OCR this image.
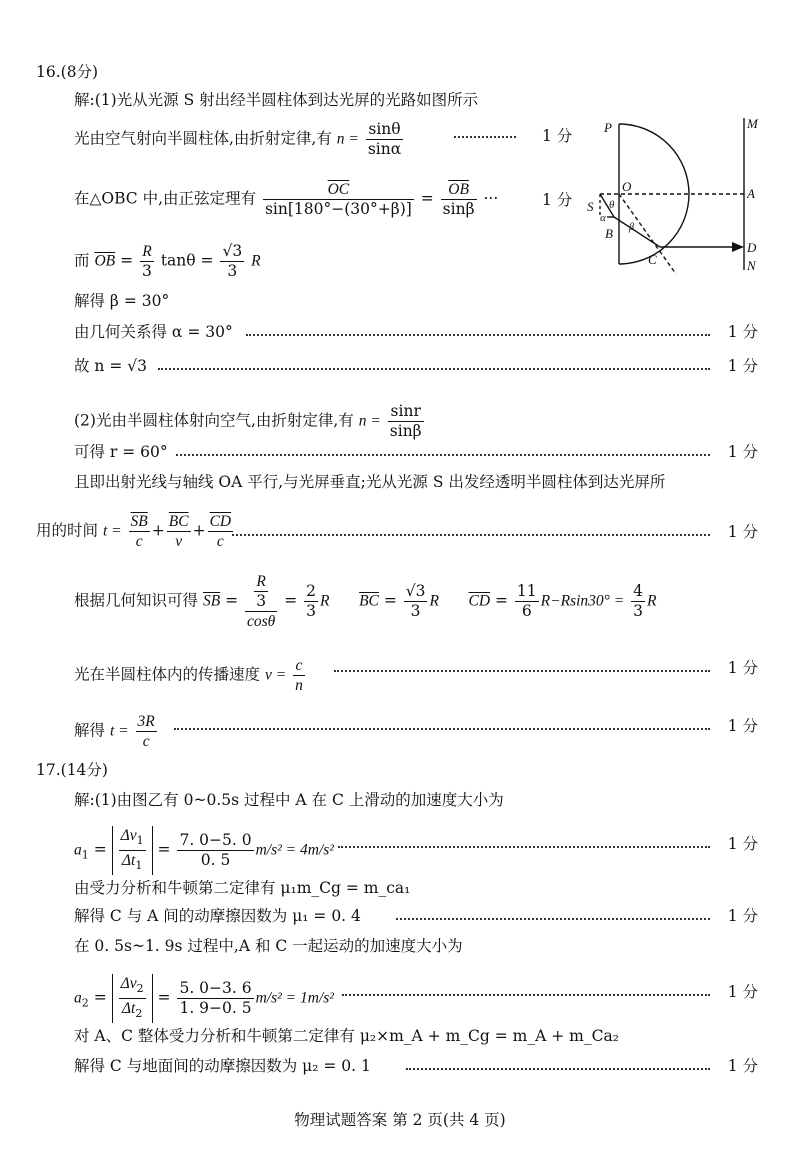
16.(8分)
解:(1)光从光源 S 射出经半圆柱体到达光屏的光路如图所示
光由空气射向半圆柱体,由折射定律,有 $n = \frac{\sin\theta}{\sin\alpha}$	1 分
在△OBC 中,由正弦定理有 $\frac{\overline{OC}}{\sin[180^\circ-(30^\circ+\beta)]} = \frac{\overline{OB}}{\sin\beta}$ ···	1 分
而 $\overline{OB} = \frac{R}{3}$ $\tan\theta = \frac{√3}{3}$ R
解得 β = 30°
由几何关系得 α = 30°	1 分
故 n = √3	1 分
(2)光由半圆柱体射向空气,由折射定律,有 $n = \frac{\sin r}{\sin\beta}$
可得 r = 60°	1 分
且即出射光线与轴线 OA 平行,与光屏垂直;光从光源 S 出发经透明半圆柱体到达光屏所
用的时间 $t = \frac{\overline{SB}}{c} + \frac{\overline{BC}}{v} + \frac{\overline{CD}}{c}$	1 分
根据几何知识可得 $\overline{SB} = \frac{\frac{R}{3}}{\cos\theta} = \frac{2}{3}$ R $\overline{BC} = \frac{√3}{3}$ R $\overline{CD} = \frac{11}{6} R-Rsin30^\circ = \frac{4}{3}$ R
光在半圆柱体内的传播速度 $v = \frac{c}{n}$	1 分
解得 $t = \frac{3R}{c}$	1 分
P	M
O	A
S θ
α
B β
C
D
N
17.(14分)
解:(1)由图乙有 0~0.5s 过程中 A 在 C 上滑动的加速度大小为
$a_1 = \frac{\Delta v_1}{\Delta t_1} = \frac{7. 0-5. 0}{0. 5} m/s^2 = 4m/s^2$	1 分
由受力分析和牛顿第二定律有 μ₁m_Cg = m_ca₁
解得 C 与 A 间的动摩擦因数为 μ₁ = 0. 4	1 分
在 0. 5s~1. 9s 过程中,A 和 C 一起运动的加速度大小为
$a_2 = \frac{\Delta v_2}{\Delta t_2} = \frac{5. 0-3. 6}{1. 9-0. 5} m/s^2 = 1m/s^2$	1 分
对 A、C 整体受力分析和牛顿第二定律有 μ₂×m_A + m_Cg = m_A + m_Ca₂
解得 C 与地面间的动摩擦因数为 μ₂ = 0. 1	1 分
物理试题答案 第 2 页(共 4 页)
